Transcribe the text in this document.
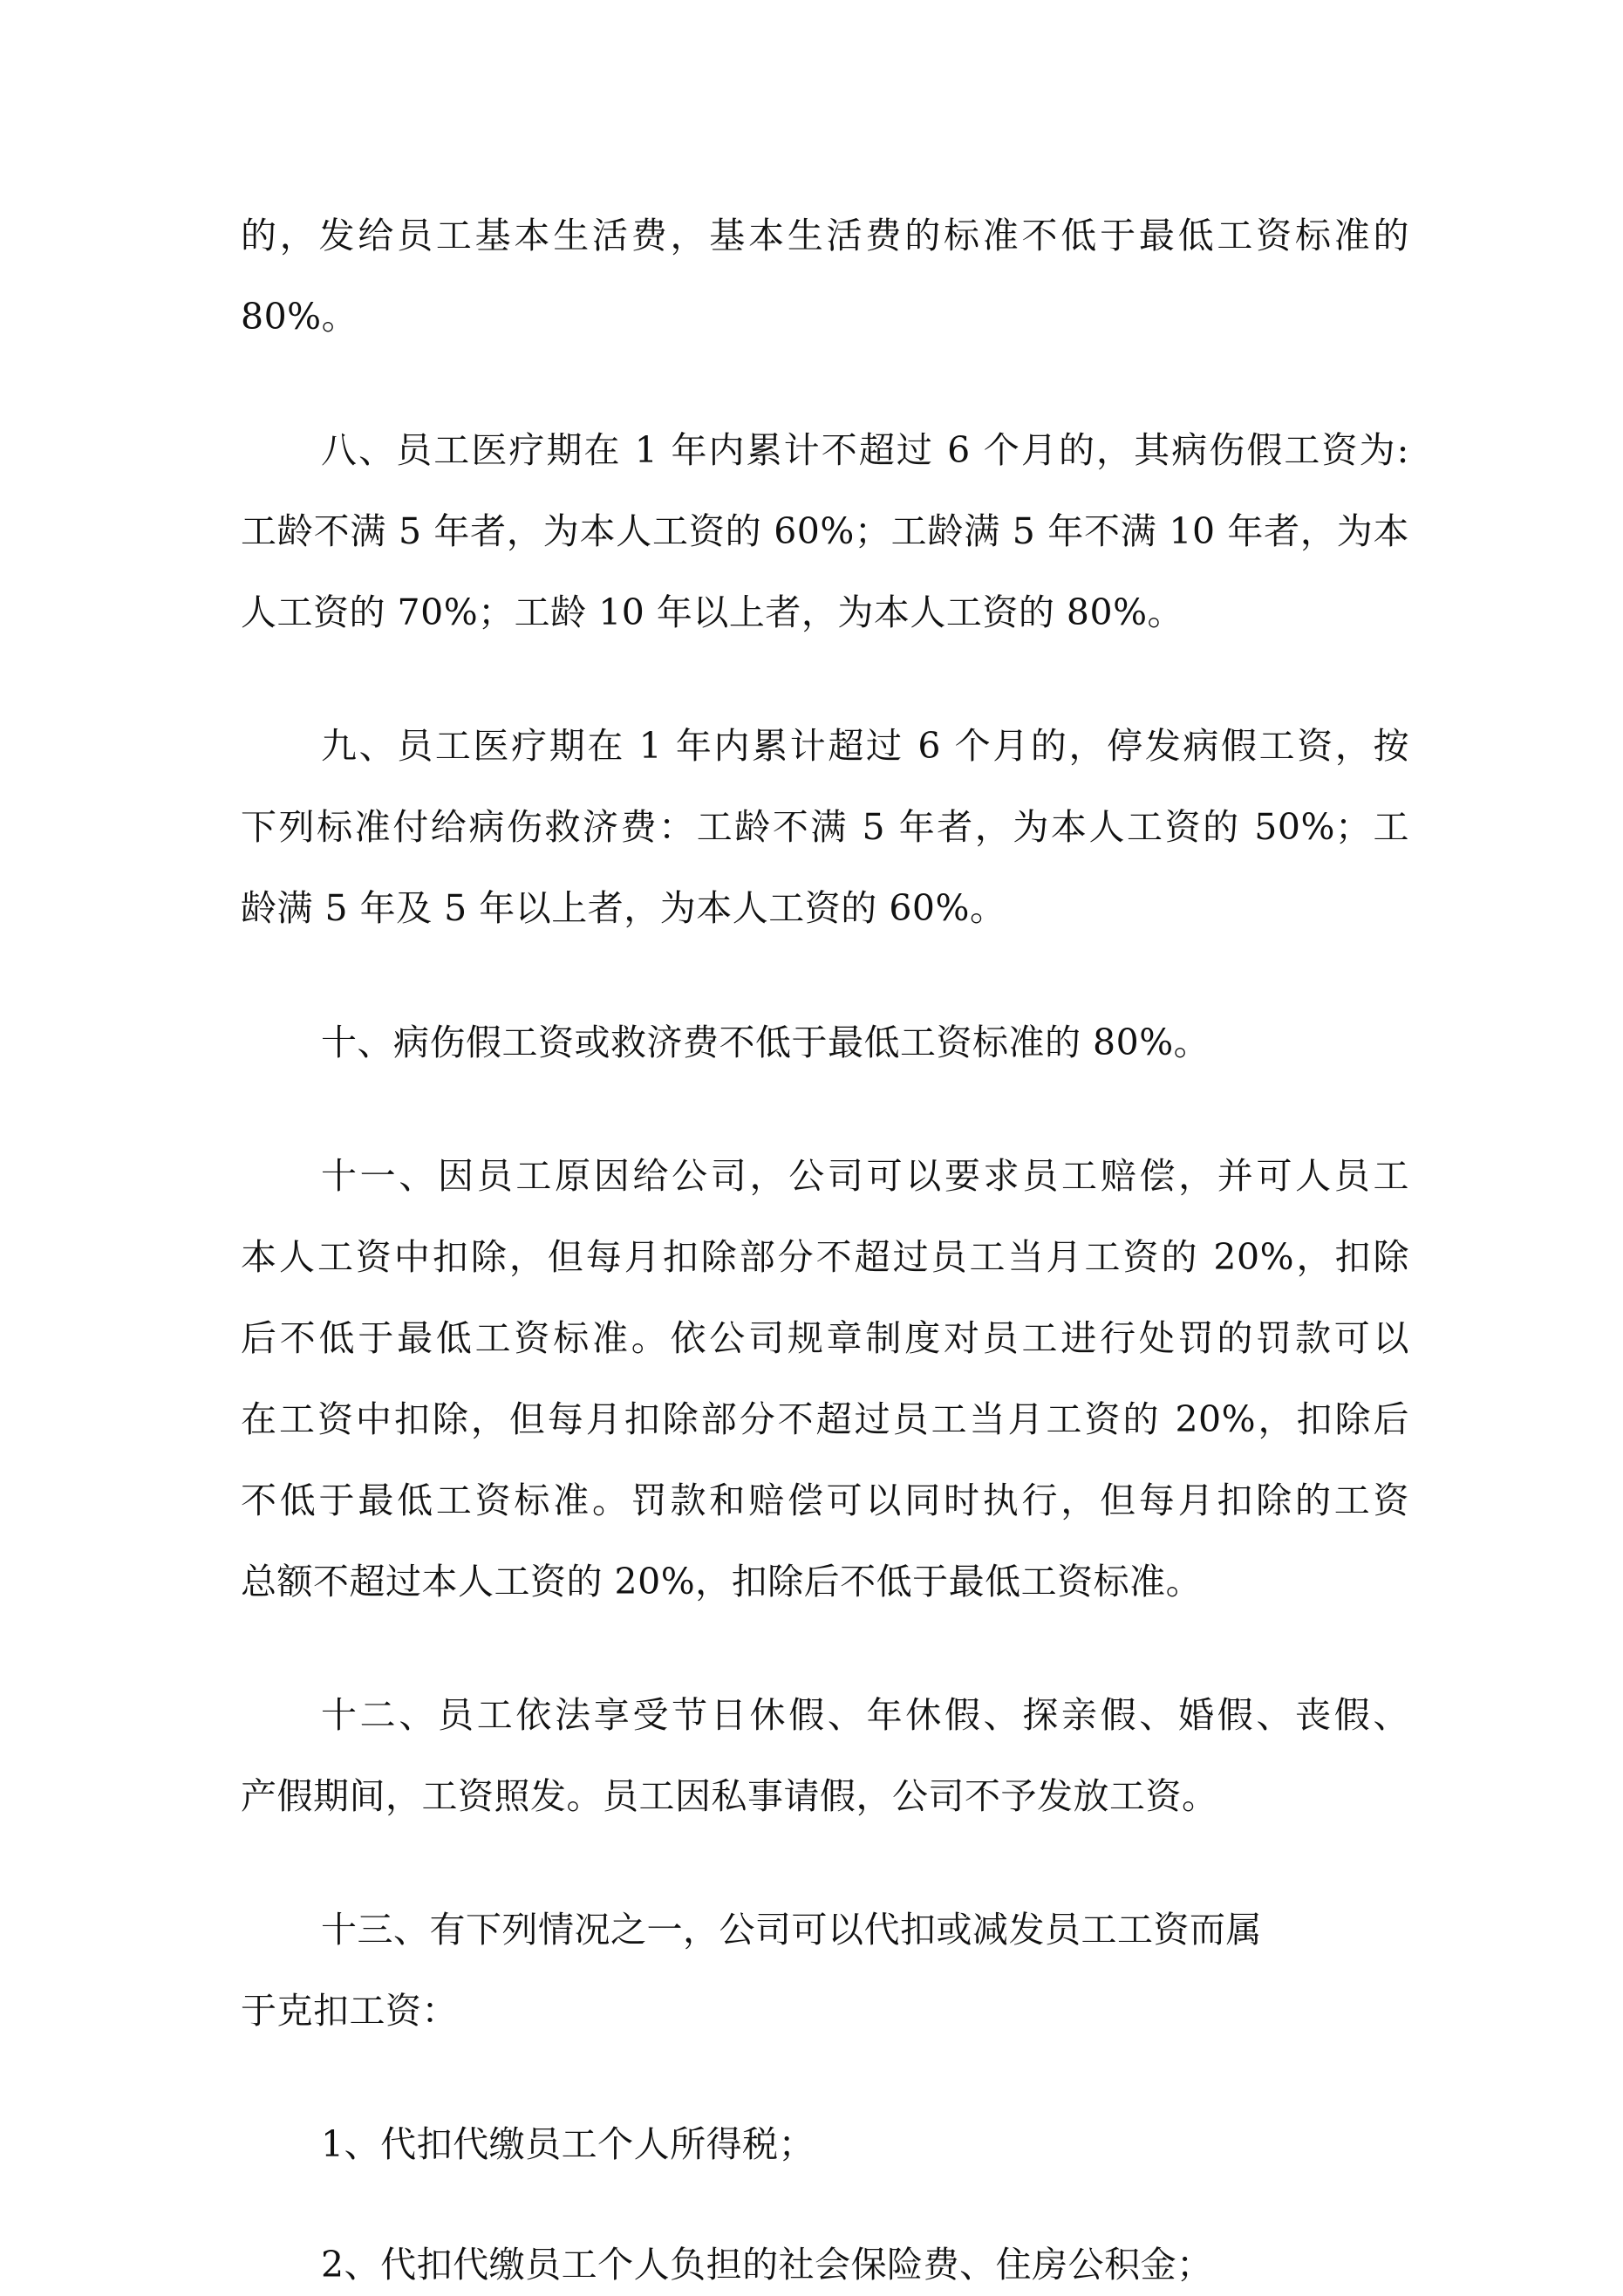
的，发给员工基本生活费，基本生活费的标准不低于最低工资标准的
80%。
八、员工医疗期在 1 年内累计不超过 6 个月的，其病伤假工资为:
工龄不满 5 年者，为本人工资的 60%；工龄满 5 年不满 10 年者，为本
人工资的 70%；工龄 10 年以上者，为本人工资的 80%。
九、员工医疗期在 1 年内累计超过 6 个月的，停发病假工资，按
下列标准付给病伤救济费：工龄不满 5 年者，为本人工资的 50%；工
龄满 5 年及 5 年以上者，为本人工资的 60%。
十、病伤假工资或救济费不低于最低工资标准的 80%。
十一、因员工原因给公司，公司可以要求员工赔偿，并可人员工
本人工资中扣除，但每月扣除部分不超过员工当月工资的 20%，扣除
后不低于最低工资标准。依公司规章制度对员工进行处罚的罚款可以
在工资中扣除，但每月扣除部分不超过员工当月工资的 20%，扣除后
不低于最低工资标准。罚款和赔偿可以同时执行，但每月扣除的工资
总额不超过本人工资的 20%，扣除后不低于最低工资标准。
十二、员工依法享受节日休假、年休假、探亲假、婚假、丧假、
产假期间，工资照发。员工因私事请假，公司不予发放工资。
十三、有下列情况之一，公司可以代扣或减发员工工资而属
于克扣工资：
1、代扣代缴员工个人所得税；
2、代扣代缴员工个人负担的社会保险费、住房公积金；
